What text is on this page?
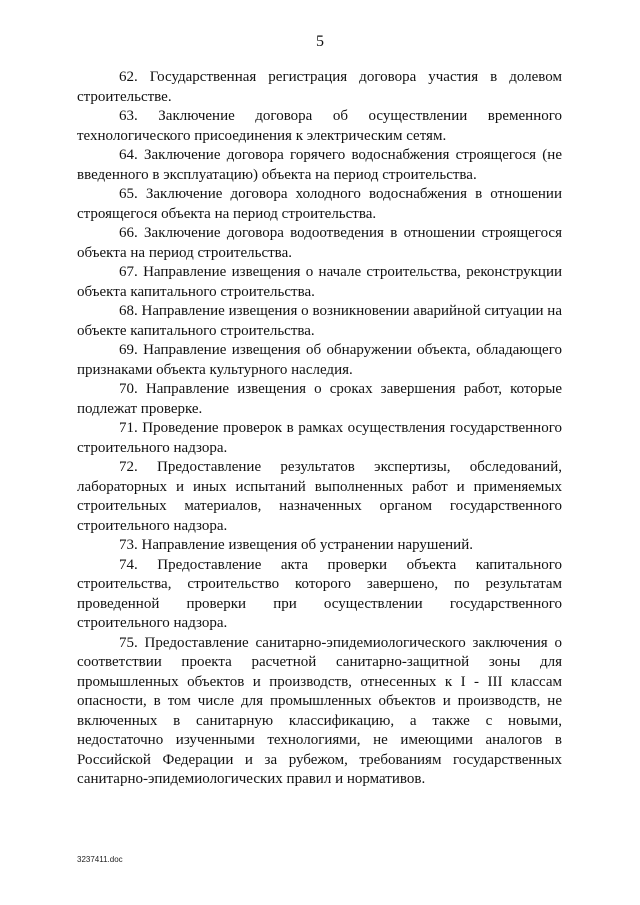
5

62. Государственная регистрация договора участия в долевом строительстве.

63. Заключение договора об осуществлении временного технологического присоединения к электрическим сетям.

64. Заключение договора горячего водоснабжения строящегося (не введенного в эксплуатацию) объекта на период строительства.

65. Заключение договора холодного водоснабжения в отношении строящегося объекта на период строительства.

66. Заключение договора водоотведения в отношении строящегося объекта на период строительства.

67. Направление извещения о начале строительства, реконструкции объекта капитального строительства.

68. Направление извещения о возникновении аварийной ситуации на объекте капитального строительства.

69. Направление извещения об обнаружении объекта, обладающего признаками объекта культурного наследия.

70. Направление извещения о сроках завершения работ, которые подлежат проверке.

71. Проведение проверок в рамках осуществления государственного строительного надзора.

72. Предоставление результатов экспертизы, обследований, лабораторных и иных испытаний выполненных работ и применяемых строительных материалов, назначенных органом государственного строительного надзора.

73. Направление извещения об устранении нарушений.

74. Предоставление акта проверки объекта капитального строительства, строительство которого завершено, по результатам проведенной проверки при осуществлении государственного строительного надзора.

75. Предоставление санитарно-эпидемиологического заключения о соответствии проекта расчетной санитарно-защитной зоны для промышленных объектов и производств, отнесенных к I - III классам опасности, в том числе для промышленных объектов и производств, не включенных в санитарную классификацию, а также с новыми, недостаточно изученными технологиями, не имеющими аналогов в Российской Федерации и за рубежом, требованиям государственных санитарно-эпидемиологических правил и нормативов.

3237411.doc
